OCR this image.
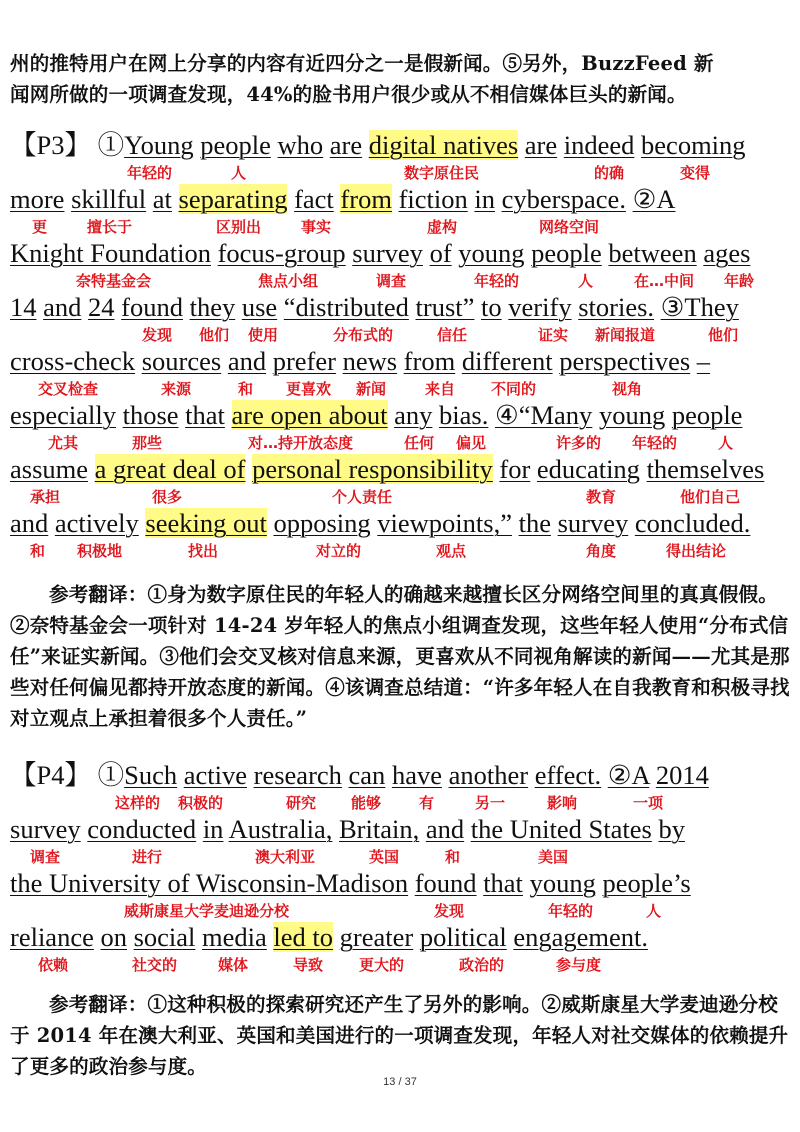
州的推特用户在网上分享的内容有近四分之一是假新闻。⑤另外，BuzzFeed 新
闻网所做的一项调查发现，44%的脸书用户很少或从不相信媒体巨头的新闻。

【P3】 ①Young people who are digital natives are indeed becoming
年轻的	人	数字原住民	的确	变得
more skillful at separating fact from fiction in cyberspace. ②A
更	擅长于	区别出	事实	虚构	网络空间
Knight Foundation focus-group survey of young people between ages
奈特基金会	焦点小组	调查	年轻的	人	在…中间 年龄
14 and 24 found they use “distributed trust” to verify stories. ③They
发现 他们 使用	分布式的	信任	证实 新闻报道	他们
cross-check sources and prefer news from different perspectives –
交叉检查	来源	和 更喜欢 新闻	来自 不同的	视角
especially those that are open about any bias. ④“Many young people
尤其	那些	对…持开放态度	任何 偏见	许多的 年轻的	人
assume a great deal of personal responsibility for educating themselves
承担	很多	个人责任	教育	他们自己
and actively seeking out opposing viewpoints,” the survey concluded.
和 积极地	找出	对立的	观点	角度	得出结论

参考翻译：①身为数字原住民的年轻人的确越来越擅长区分网络空间里的真真假假。②奈特基金会一项针对 14-24 岁年轻人的焦点小组调查发现，这些年轻人使用“分布式信任”来证实新闻。③他们会交叉核对信息来源，更喜欢从不同视角解读的新闻——尤其是那些对任何偏见都持开放态度的新闻。④该调查总结道：“许多年轻人在自我教育和积极寻找对立观点上承担着很多个人责任。”

【P4】 ①Such active research can have another effect. ②A 2014
这样的 积极的	研究 能够	有	另一	影响	一项
survey conducted in Australia, Britain, and the United States by
调查	进行	澳大利亚	英国	和	美国
the University of Wisconsin-Madison found that young people’s
威斯康星大学麦迪逊分校	发现	年轻的	人
reliance on social media led to greater political engagement.
依赖	社交的	媒体	导致 更大的	政治的	参与度

参考翻译：①这种积极的探索研究还产生了另外的影响。②威斯康星大学麦迪逊分校于 2014 年在澳大利亚、英国和美国进行的一项调查发现，年轻人对社交媒体的依赖提升了更多的政治参与度。

13 / 37
